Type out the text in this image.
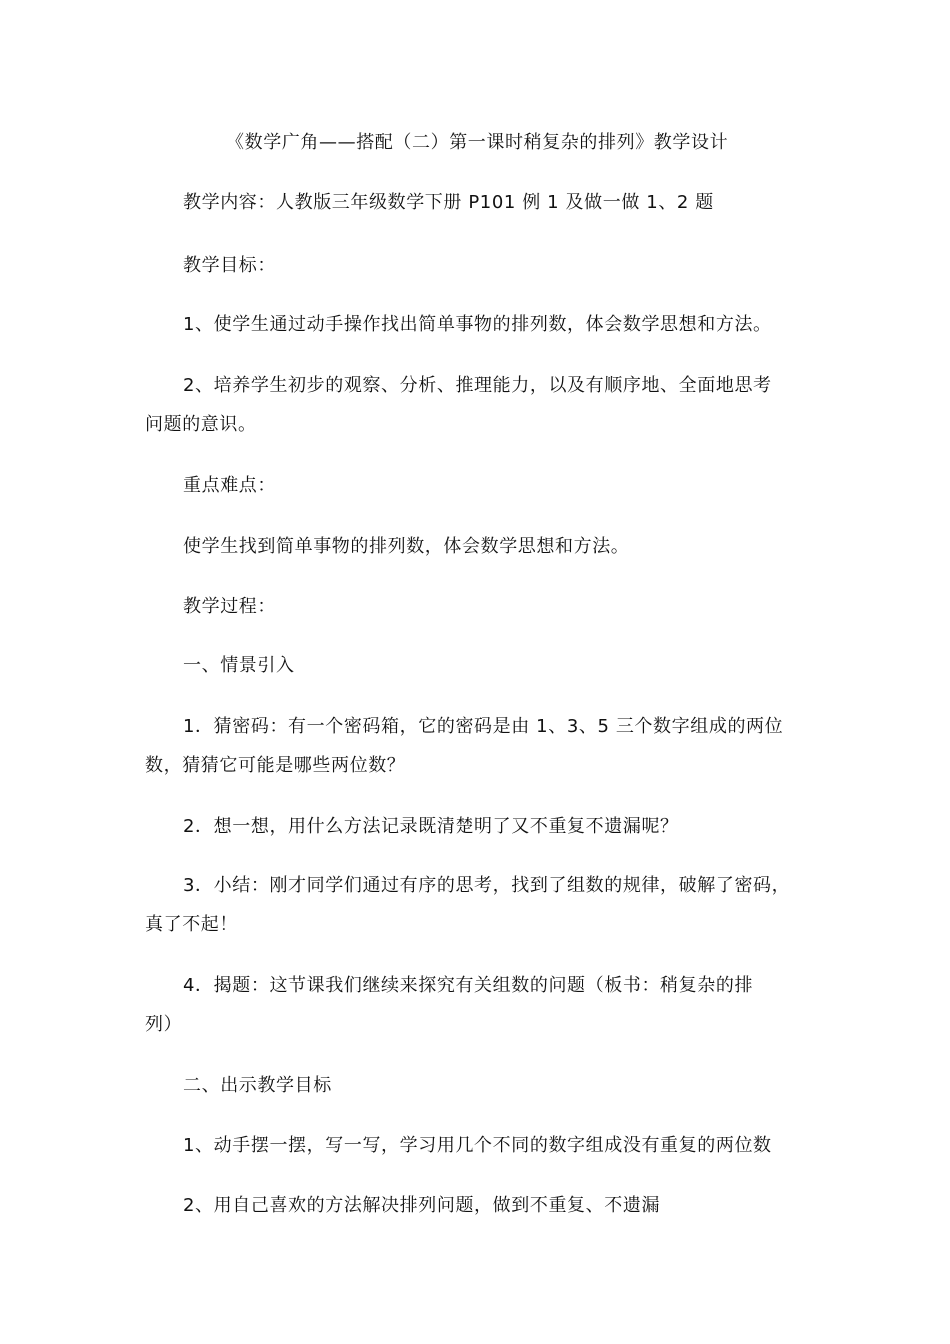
《数学广角——搭配（二）第一课时稍复杂的排列》教学设计
教学内容：人教版三年级数学下册 P101 例 1 及做一做 1、2 题
教学目标：
1、使学生通过动手操作找出简单事物的排列数，体会数学思想和方法。
2、培养学生初步的观察、分析、推理能力，以及有顺序地、全面地思考
问题的意识。
重点难点：
使学生找到简单事物的排列数，体会数学思想和方法。
教学过程：
一、情景引入
1．猜密码：有一个密码箱，它的密码是由 1、3、5 三个数字组成的两位
数，猜猜它可能是哪些两位数？
2．想一想，用什么方法记录既清楚明了又不重复不遗漏呢？
3．小结：刚才同学们通过有序的思考，找到了组数的规律，破解了密码，
真了不起！
4．揭题：这节课我们继续来探究有关组数的问题（板书：稍复杂的排
列）
二、出示教学目标
1、动手摆一摆，写一写，学习用几个不同的数字组成没有重复的两位数
2、用自己喜欢的方法解决排列问题，做到不重复、不遗漏
